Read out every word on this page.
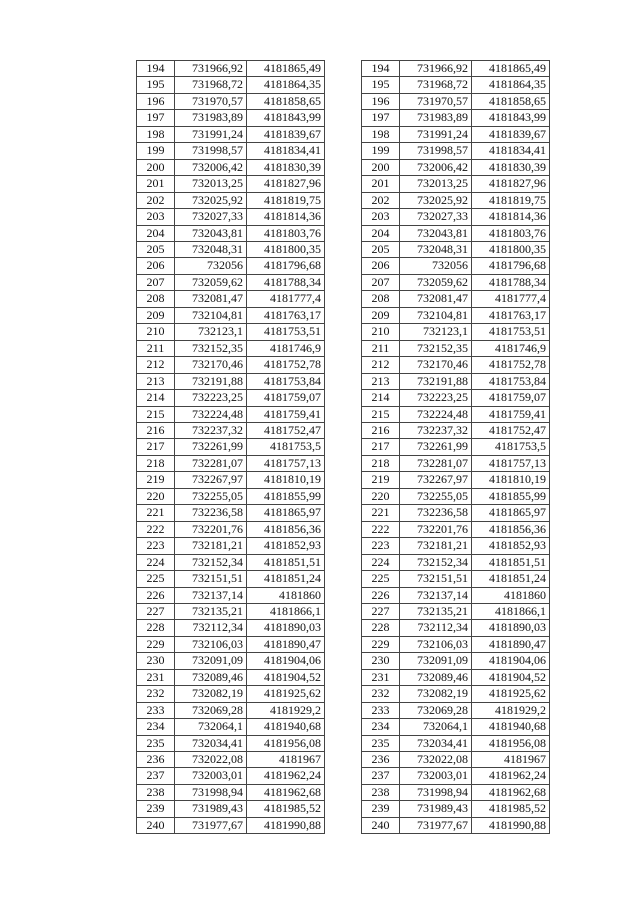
194	731966,92	4181865,49
195	731968,72	4181864,35
196	731970,57	4181858,65
197	731983,89	4181843,99
198	731991,24	4181839,67
199	731998,57	4181834,41
200	732006,42	4181830,39
201	732013,25	4181827,96
202	732025,92	4181819,75
203	732027,33	4181814,36
204	732043,81	4181803,76
205	732048,31	4181800,35
206	732056	4181796,68
207	732059,62	4181788,34
208	732081,47	4181777,4
209	732104,81	4181763,17
210	732123,1	4181753,51
211	732152,35	4181746,9
212	732170,46	4181752,78
213	732191,88	4181753,84
214	732223,25	4181759,07
215	732224,48	4181759,41
216	732237,32	4181752,47
217	732261,99	4181753,5
218	732281,07	4181757,13
219	732267,97	4181810,19
220	732255,05	4181855,99
221	732236,58	4181865,97
222	732201,76	4181856,36
223	732181,21	4181852,93
224	732152,34	4181851,51
225	732151,51	4181851,24
226	732137,14	4181860
227	732135,21	4181866,1
228	732112,34	4181890,03
229	732106,03	4181890,47
230	732091,09	4181904,06
231	732089,46	4181904,52
232	732082,19	4181925,62
233	732069,28	4181929,2
234	732064,1	4181940,68
235	732034,41	4181956,08
236	732022,08	4181967
237	732003,01	4181962,24
238	731998,94	4181962,68
239	731989,43	4181985,52
240	731977,67	4181990,88
194	731966,92	4181865,49
195	731968,72	4181864,35
196	731970,57	4181858,65
197	731983,89	4181843,99
198	731991,24	4181839,67
199	731998,57	4181834,41
200	732006,42	4181830,39
201	732013,25	4181827,96
202	732025,92	4181819,75
203	732027,33	4181814,36
204	732043,81	4181803,76
205	732048,31	4181800,35
206	732056	4181796,68
207	732059,62	4181788,34
208	732081,47	4181777,4
209	732104,81	4181763,17
210	732123,1	4181753,51
211	732152,35	4181746,9
212	732170,46	4181752,78
213	732191,88	4181753,84
214	732223,25	4181759,07
215	732224,48	4181759,41
216	732237,32	4181752,47
217	732261,99	4181753,5
218	732281,07	4181757,13
219	732267,97	4181810,19
220	732255,05	4181855,99
221	732236,58	4181865,97
222	732201,76	4181856,36
223	732181,21	4181852,93
224	732152,34	4181851,51
225	732151,51	4181851,24
226	732137,14	4181860
227	732135,21	4181866,1
228	732112,34	4181890,03
229	732106,03	4181890,47
230	732091,09	4181904,06
231	732089,46	4181904,52
232	732082,19	4181925,62
233	732069,28	4181929,2
234	732064,1	4181940,68
235	732034,41	4181956,08
236	732022,08	4181967
237	732003,01	4181962,24
238	731998,94	4181962,68
239	731989,43	4181985,52
240	731977,67	4181990,88
